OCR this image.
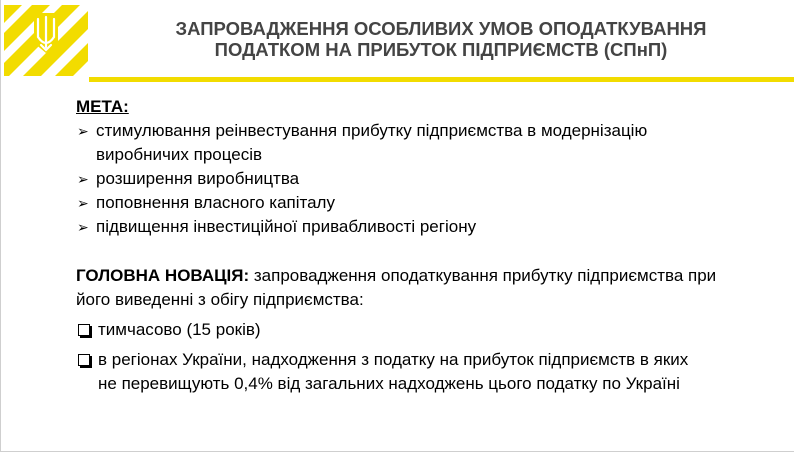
ЗАПРОВАДЖЕННЯ ОСОБЛИВИХ УМОВ ОПОДАТКУВАННЯ
ПОДАТКОМ НА ПРИБУТОК ПІДПРИЄМСТВ (СПнП)
МЕТА:
➢ стимулювання реінвестування прибутку підприємства в модернізацію
виробничих процесів
➢ розширення виробництва
➢ поповнення власного капіталу
➢ підвищення інвестиційної привабливості регіону
ГОЛОВНА НОВАЦІЯ: запровадження оподаткування прибутку підприємства при
його виведенні з обігу підприємства:
тимчасово (15 років)
в регіонах України, надходження з податку на прибуток підприємств в яких
не перевищують 0,4% від загальних надходжень цього податку по Україні
